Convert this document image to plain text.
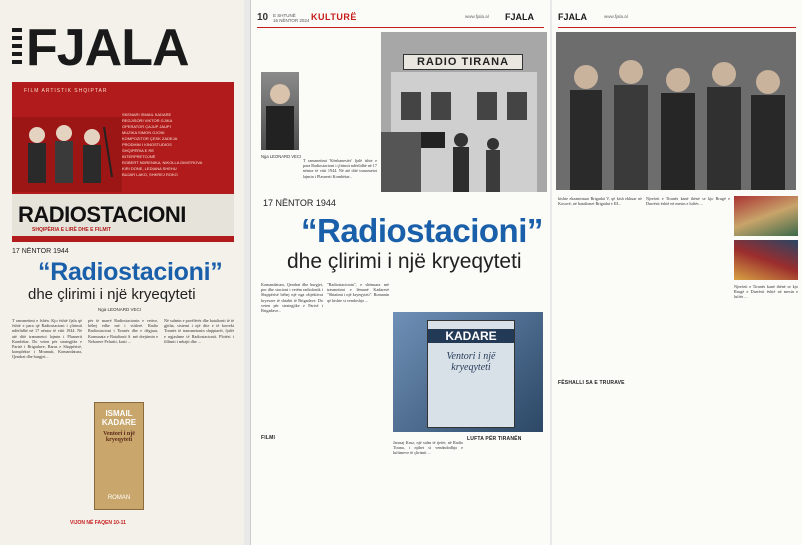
FJALA
FILM ARTISTIK SHQIPTAR
SKENARI ISMAIL KADARE
REGJISORI VIKTOR GJIKA
OPERATOR ÇAJUP JAUPI
MUZIKA SIMON GJONI
KOMPOZITOR ÇESK ZADEJA
PRODHIM I KINOSTUDIOS
SHQIPËRIA E RE
INTERPRETOJNË
ROBERT NDRENIKA, NIKOLLA DIMITROVA
KIRI DONE, LEDIANA SHEHU
BUJAR LAKO, SHKREJ ROKO
RADIOSTACIONI
SHQIPËRIA E LIRË DHE E FILMIT
17 NËNTOR 1944
“Radiostacioni”
dhe çlirimi i një kryeqyteti
Nga LEONARD VECI
T ransmetimi e fshën. Kjo është fjala që është e para që Radiostacioni i çlirimit ndërlidhë në 17 nëntor të vitit 1944. Në atë ditë transmetoi lajmin i Plasnerit Kombëtar. Do veten për strategjike e Parisë i Brigadave, Baras e Shqipërisë, komplekse i Mramuit, Komandatura, Qendrat dhe burgjet...
për të marrë Radiostacionin e vetive, bëhej edhe më i vitilerë. Radio Radiostacioni i Tiranës dhe e dëgjuar, Komunata e Batalionit S. më drejtimin e Nekarere Peluriti, kasti ...
Në sulmin e pavëlërës dhe batalionit të të gjitha, sistemi i një dite e të korrekt Tiranës të transmetonin shqiptarët, fjalët e ngjashme të Radiostacionit. Plotësi i fillimit i mbajti dhe ...
ISMAIL KADARE
Ventori i një kryeqyteti
ROMAN
VIJON NË FAQEN 10-11
10 E SHTUNË
16 NËNTOR 2024 KULTURË	www.fjala.al FJALA
Nga LEONARD VECI
T ransmetimi 'Kënbanestër' fjalë ishte e para Radiostacioni i çlirimit ndërlidhë në 17 nëntor të vitit 1944. Në atë ditë transmetoi lajmin i Plasnerit Kombëtar...
RADIO TIRANA
17 NËNTOR 1944
“Radiostacioni”
dhe çlirimi i një kryeqyteti
Komandatura, Qendrat dhe burgjet, por dhe stacioni i vetëm radiofonik i Shqipërisë bëhej një nga objektivat kryesore të shtabit të Brigadave. Do veten për strategjike e Parisë i Brigadave...
"Radiostacionin", e shënuara më trasmetimi e lëmanë Kadaresë "Shtatimi i një kryeqyteti". Romanin që kishte si vendoshja ...
FILMI
Jarasaj Kruz, një sulm të tjetër, në Radio Tirana, i njihet si vendndodhja e luftimeve të çlirimit ...
LUFTA PËR TIRANËN
KADARE
Ventori i një kryeqyteti
FJALA	www.fjala.al
kishte ekzaminuar Brigadat V, që kish ekhuar në Kosovë, në batalionet Brigadat e III...
Njerëzit e Tiranës kanë thënë se kjo Rrugë e Durrësit është në mesin e luftës ...
FËSHALLI SA E TRURAVE
Njerëzit e Tiranës kanë thënë se kjo Rrugë e Durrësit është në mesin e luftës ...
